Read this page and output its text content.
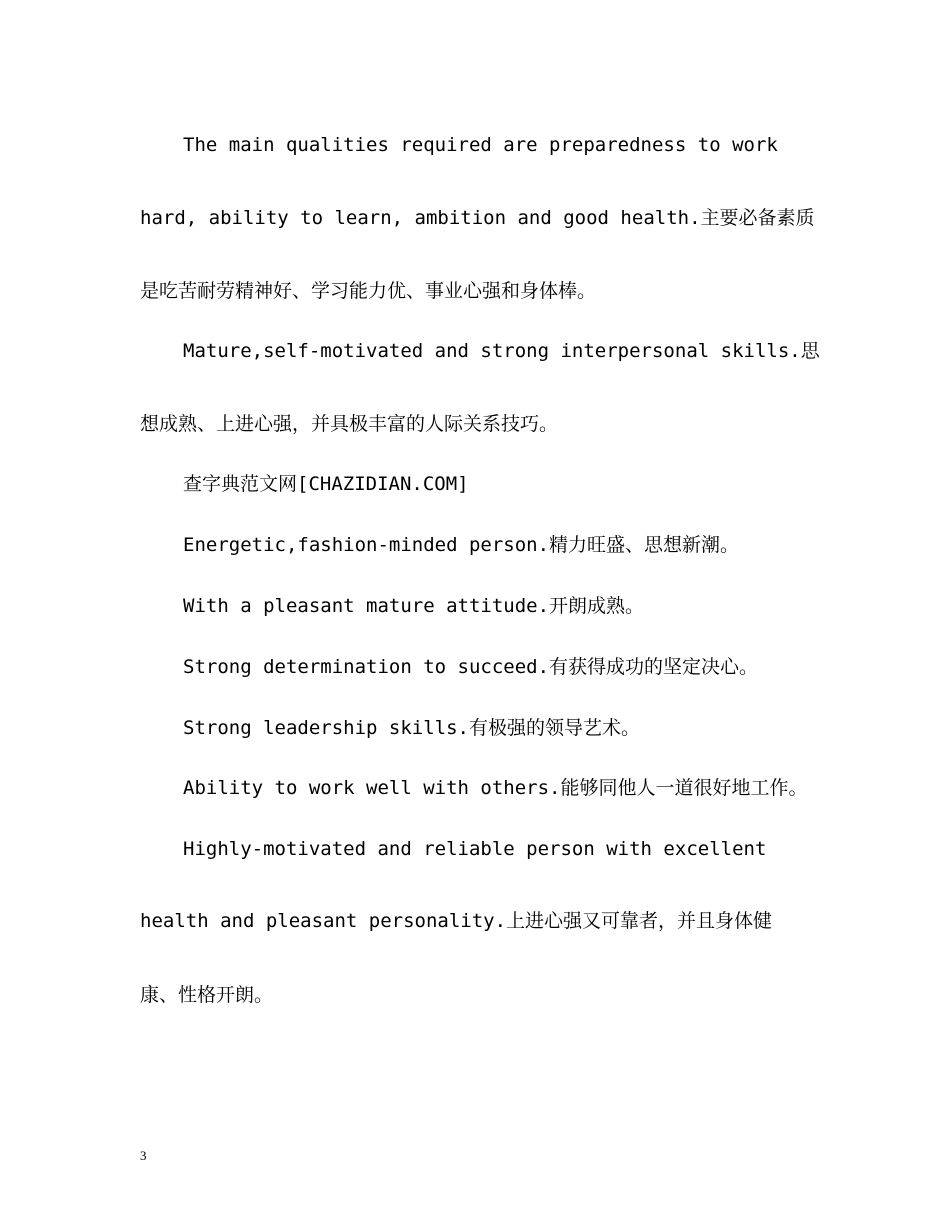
The main qualities required are preparedness to work
hard, ability to learn, ambition and good health.主要必备素质
是吃苦耐劳精神好、学习能力优、事业心强和身体棒。
Mature,self-motivated and strong interpersonal skills.思
想成熟、上进心强，并具极丰富的人际关系技巧。
查字典范文网[CHAZIDIAN.COM]
Energetic,fashion-minded person.精力旺盛、思想新潮。
With a pleasant mature attitude.开朗成熟。
Strong determination to succeed.有获得成功的坚定决心。
Strong leadership skills.有极强的领导艺术。
Ability to work well with others.能够同他人一道很好地工作。
Highly-motivated and reliable person with excellent
health and pleasant personality.上进心强又可靠者，并且身体健
康、性格开朗。
3
